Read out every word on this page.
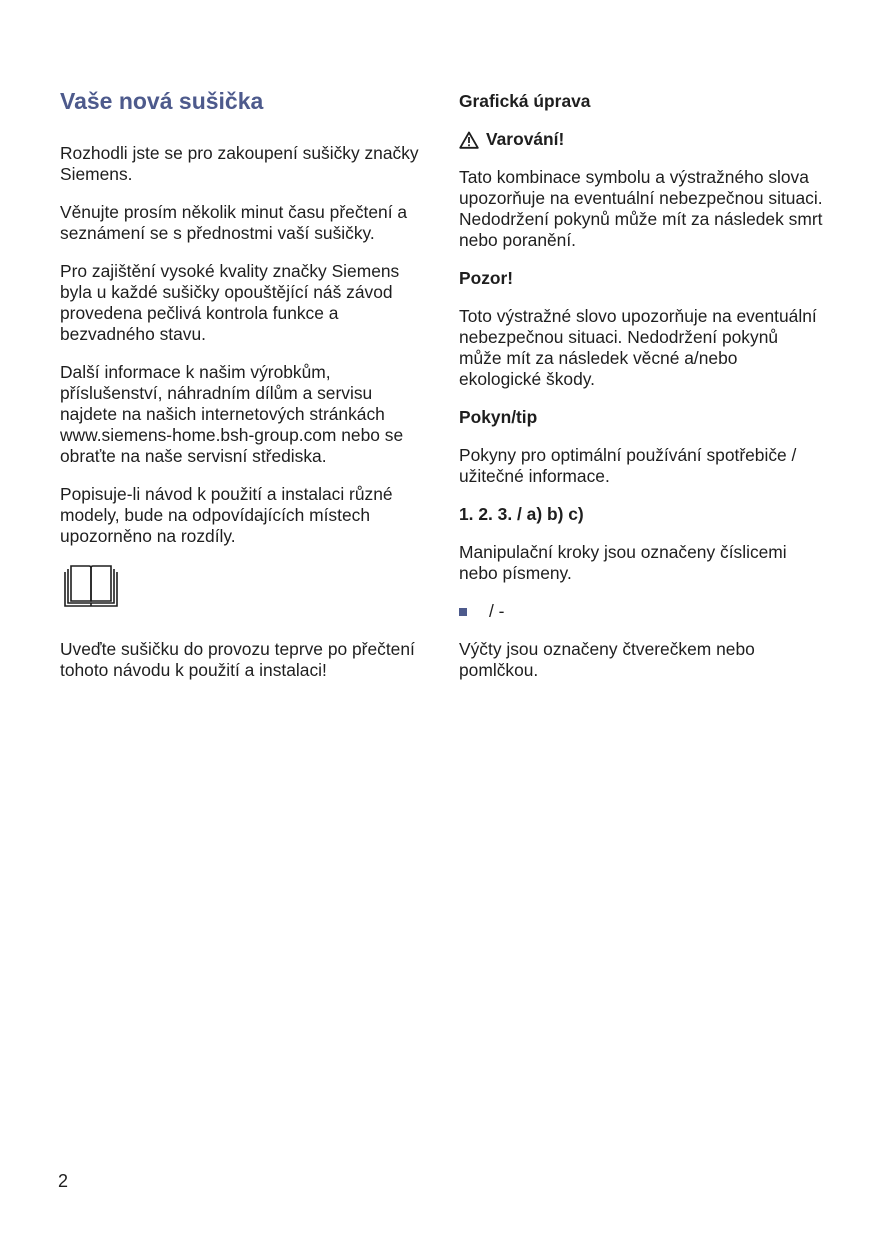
Vaše nová sušička

Rozhodli jste se pro zakoupení sušičky značky Siemens.

Věnujte prosím několik minut času přečtení a seznámení se s přednostmi vaší sušičky.

Pro zajištění vysoké kvality značky Siemens byla u každé sušičky opouštějící náš závod provedena pečlivá kontrola funkce a bezvadného stavu.

Další informace k našim výrobkům, příslušenství, náhradním dílům a servisu najdete na našich internetových stránkách www.siemens-home.bsh-group.com nebo se obraťte na naše servisní střediska.

Popisuje-li návod k použití a instalaci různé modely, bude na odpovídajících místech upozorněno na rozdíly.

Uveďte sušičku do provozu teprve po přečtení tohoto návodu k použití a instalaci!

Grafická úprava
Varování!

Tato kombinace symbolu a výstražného slova upozorňuje na eventuální nebezpečnou situaci. Nedodržení pokynů může mít za následek smrt nebo poranění.

Pozor!

Toto výstražné slovo upozorňuje na eventuální nebezpečnou situaci. Nedodržení pokynů může mít za následek věcné a/nebo ekologické škody.

Pokyn/tip

Pokyny pro optimální používání spotřebiče / užitečné informace.

1. 2. 3. / a) b) c)

Manipulační kroky jsou označeny číslicemi nebo písmeny.

/ -

Výčty jsou označeny čtverečkem nebo pomlčkou.

2
